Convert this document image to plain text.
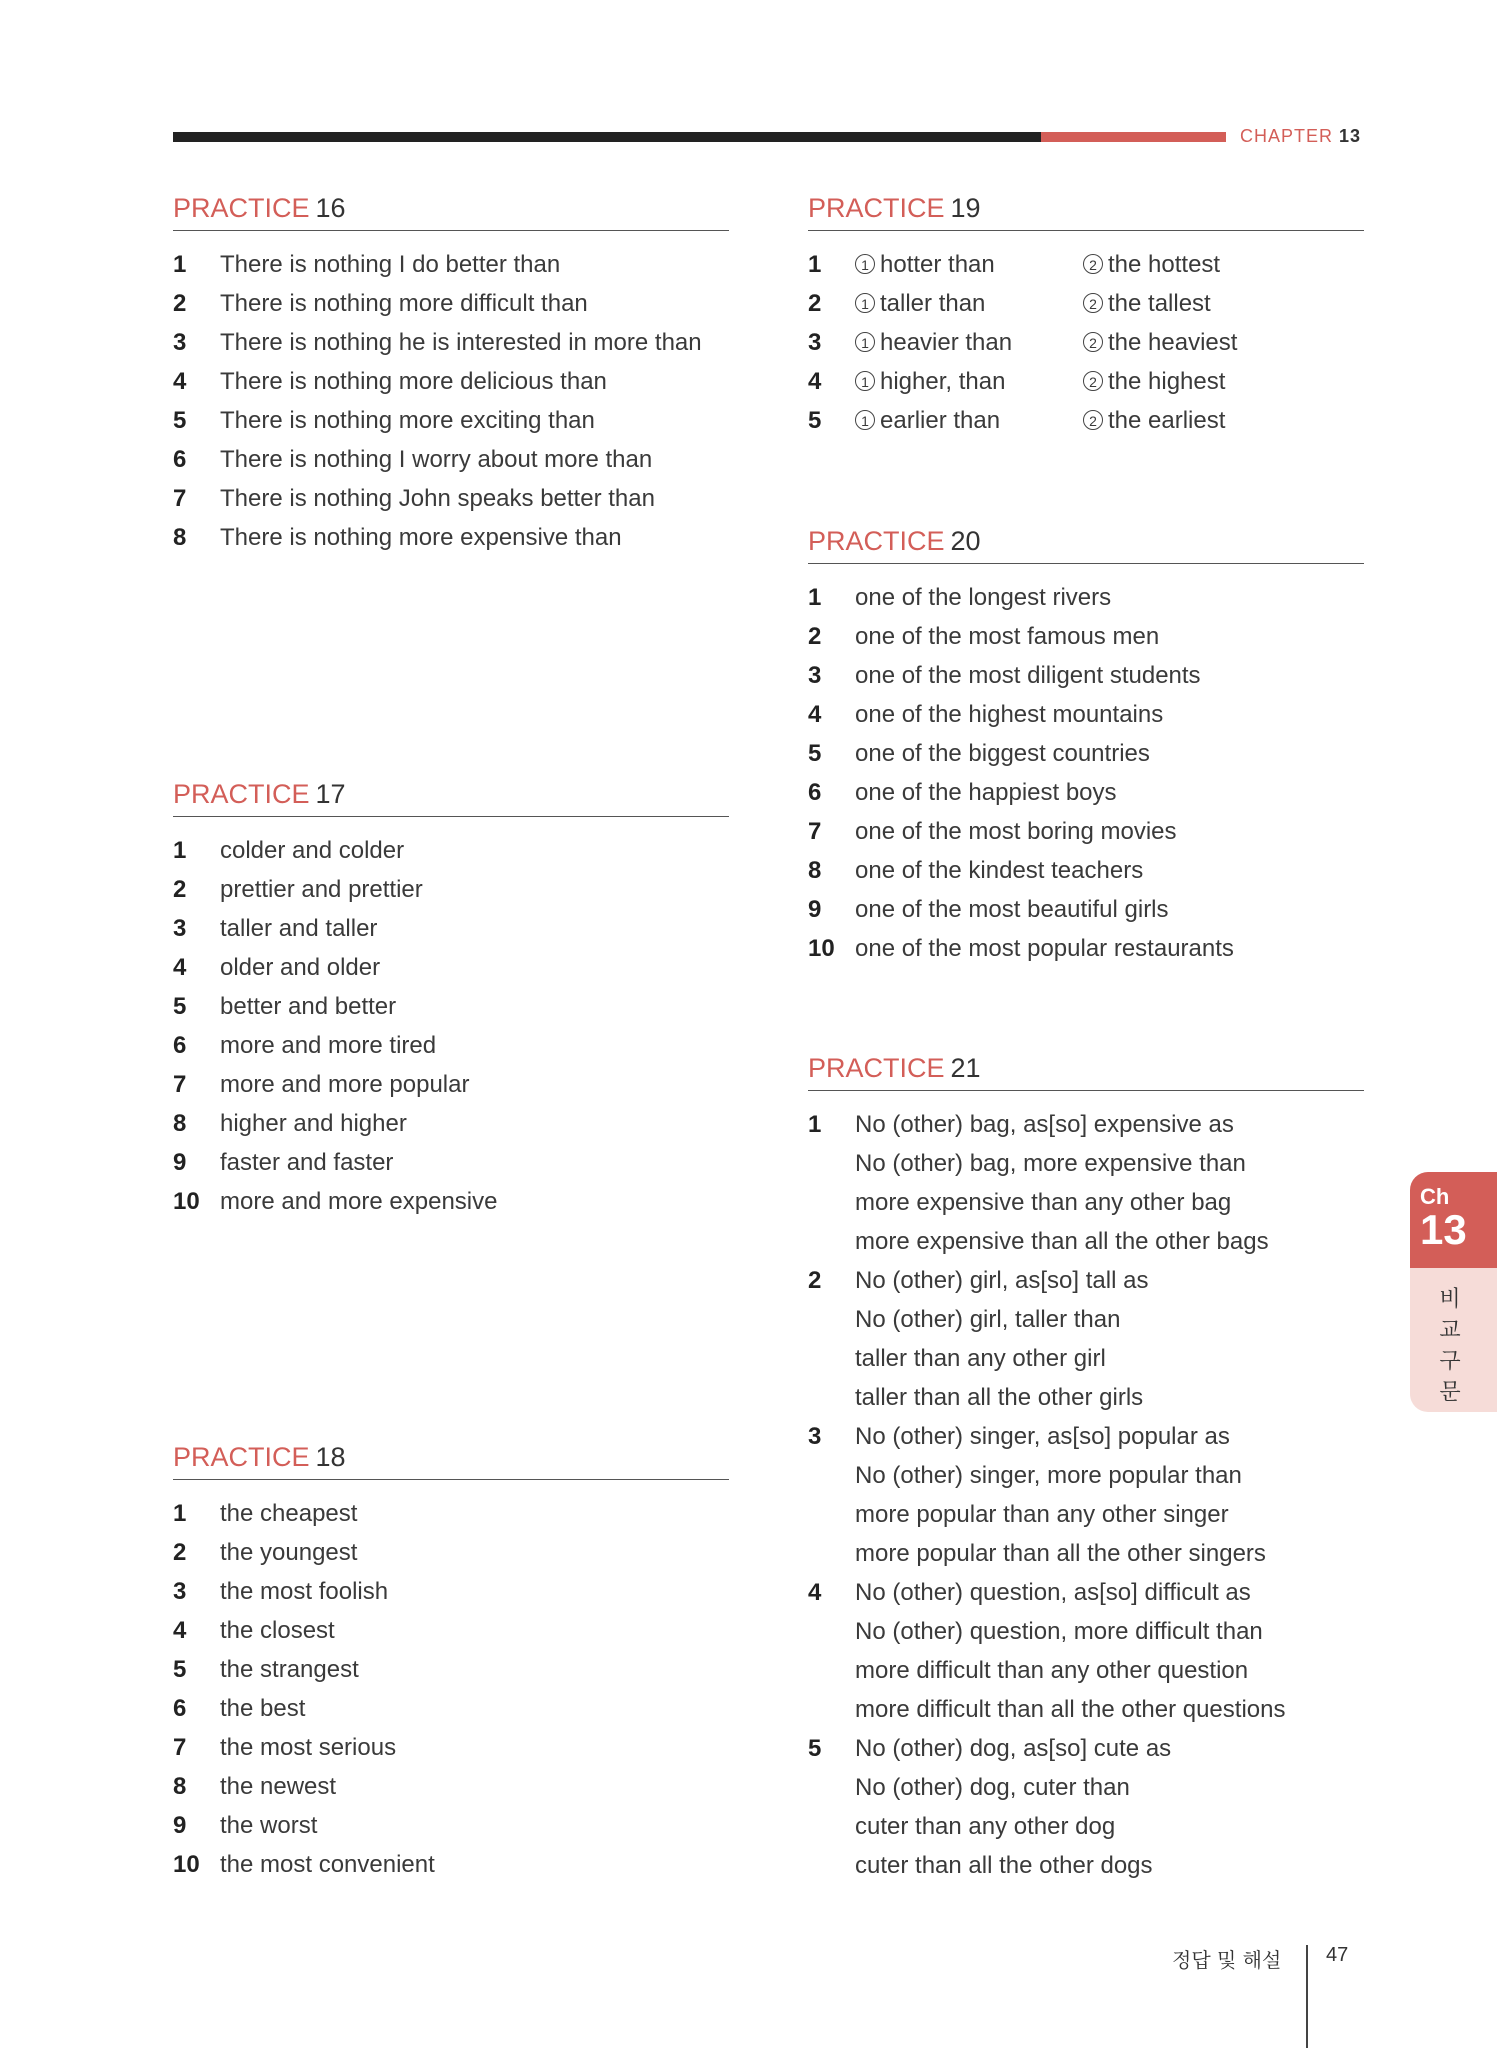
CHAPTER 13
PRACTICE 16
1	There is nothing I do better than
2	There is nothing more difficult than
3	There is nothing he is interested in more than
4	There is nothing more delicious than
5	There is nothing more exciting than
6	There is nothing I worry about more than
7	There is nothing John speaks better than
8	There is nothing more expensive than
PRACTICE 17
1	colder and colder
2	prettier and prettier
3	taller and taller
4	older and older
5	better and better
6	more and more tired
7	more and more popular
8	higher and higher
9	faster and faster
10 more and more expensive
PRACTICE 18
1	the cheapest
2	the youngest
3	the most foolish
4	the closest
5	the strangest
6	the best
7	the most serious
8	the newest
9	the worst
10 the most convenient
PRACTICE 19
1	1 hotter than	2 the hottest
2	1 taller than	2 the tallest
3	1 heavier than	2 the heaviest
4	1 higher, than	2 the highest
5	1 earlier than	2 the earliest
PRACTICE 20
1	one of the longest rivers
2	one of the most famous men
3	one of the most diligent students
4	one of the highest mountains
5	one of the biggest countries
6	one of the happiest boys
7	one of the most boring movies
8	one of the kindest teachers
9	one of the most beautiful girls
10 one of the most popular restaurants
PRACTICE 21
1	No (other) bag, as[so] expensive as
No (other) bag, more expensive than
more expensive than any other bag
more expensive than all the other bags
2	No (other) girl, as[so] tall as
No (other) girl, taller than
taller than any other girl
taller than all the other girls
3	No (other) singer, as[so] popular as
No (other) singer, more popular than
more popular than any other singer
more popular than all the other singers
4	No (other) question, as[so] difficult as
No (other) question, more difficult than
more difficult than any other question
more difficult than all the other questions
5	No (other) dog, as[so] cute as
No (other) dog, cuter than
cuter than any other dog
cuter than all the other dogs
Ch
13
비교구문
정답 및 해설 47
